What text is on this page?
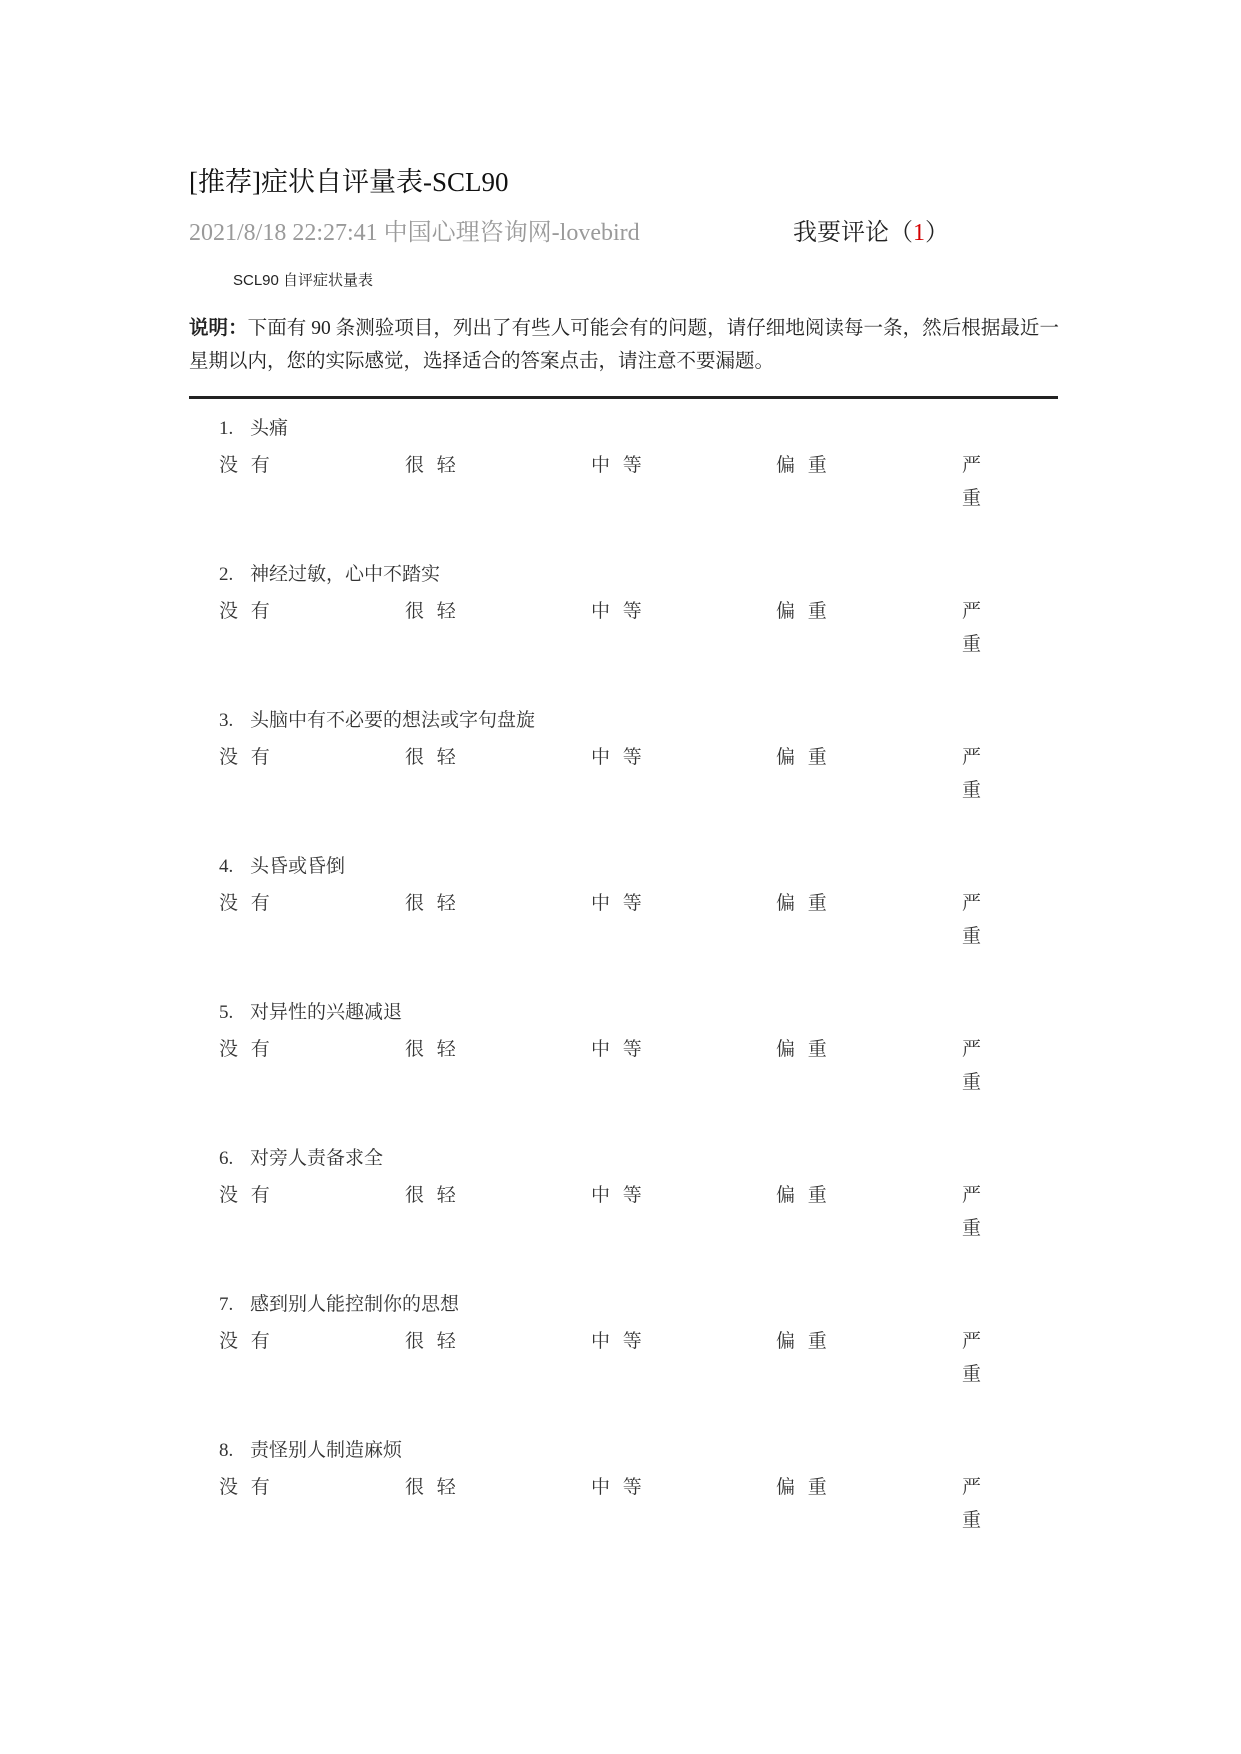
[推荐]症状自评量表-SCL90
2021/8/18 22:27:41 中国心理咨询网-lovebird	我要评论（1）
SCL90 自评症状量表
说明：下面有 90 条测验项目，列出了有些人可能会有的问题，请仔细地阅读每一条，然后根据最近一星期以内，您的实际感觉，选择适合的答案点击，请注意不要漏题。
1. 头痛
没 有	很 轻	中 等	偏 重	严重
2. 神经过敏，心中不踏实
没 有	很 轻	中 等	偏 重	严重
3. 头脑中有不必要的想法或字句盘旋
没 有	很 轻	中 等	偏 重	严重
4. 头昏或昏倒
没 有	很 轻	中 等	偏 重	严重
5. 对异性的兴趣减退
没 有	很 轻	中 等	偏 重	严重
6. 对旁人责备求全
没 有	很 轻	中 等	偏 重	严重
7. 感到别人能控制你的思想
没 有	很 轻	中 等	偏 重	严重
8. 责怪别人制造麻烦
没 有	很 轻	中 等	偏 重	严重
